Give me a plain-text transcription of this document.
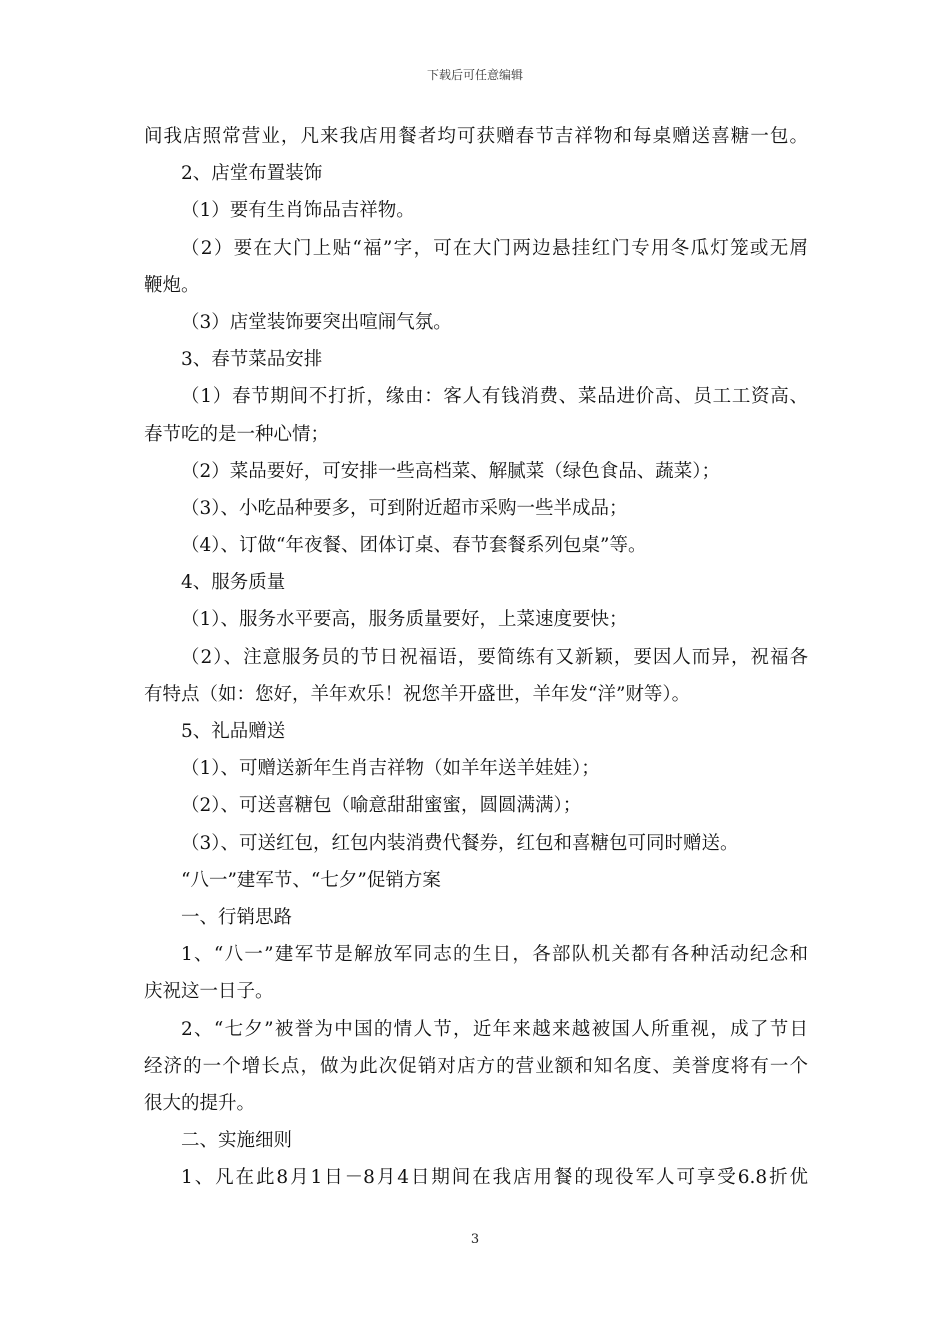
下载后可任意编辑
间我店照常营业，凡来我店用餐者均可获赠春节吉祥物和每桌赠送喜糖一包。
2、店堂布置装饰
（1）要有生肖饰品吉祥物。
（2）要在大门上贴“福”字，可在大门两边悬挂红门专用冬瓜灯笼或无屑
鞭炮。
（3）店堂装饰要突出喧闹气氛。
3、春节菜品安排
（1）春节期间不打折，缘由：客人有钱消费、菜品进价高、员工工资高、
春节吃的是一种心情；
（2）菜品要好，可安排一些高档菜、解腻菜（绿色食品、蔬菜）；
（3）、小吃品种要多，可到附近超市采购一些半成品；
（4）、订做“年夜餐、团体订桌、春节套餐系列包桌”等。
4、服务质量
（1）、服务水平要高，服务质量要好，上菜速度要快；
（2）、注意服务员的节日祝福语，要简练有又新颖，要因人而异，祝福各
有特点（如：您好，羊年欢乐！祝您羊开盛世，羊年发“洋”财等）。
5、礼品赠送
（1）、可赠送新年生肖吉祥物（如羊年送羊娃娃）；
（2）、可送喜糖包（喻意甜甜蜜蜜，圆圆满满）；
（3）、可送红包，红包内装消费代餐券，红包和喜糖包可同时赠送。
“八一”建军节、“七夕”促销方案
一、行销思路
1、“八一”建军节是解放军同志的生日，各部队机关都有各种活动纪念和
庆祝这一日子。
2、“七夕”被誉为中国的情人节，近年来越来越被国人所重视，成了节日
经济的一个增长点，做为此次促销对店方的营业额和知名度、美誉度将有一个
很大的提升。
二、实施细则
1、凡在此8月1日－8月4日期间在我店用餐的现役军人可享受6.8折优
3
